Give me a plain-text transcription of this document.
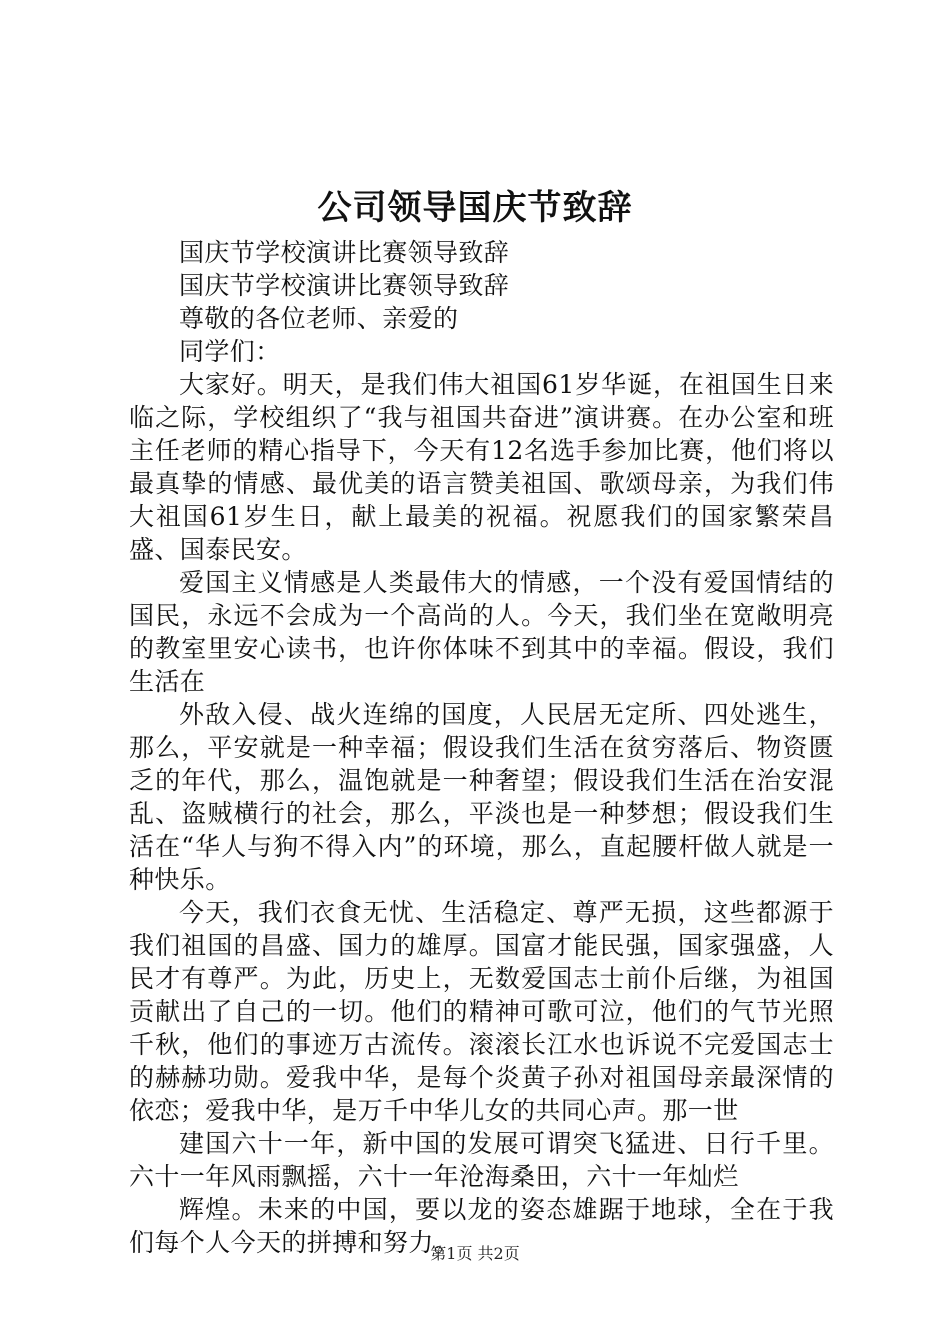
公司领导国庆节致辞

国庆节学校演讲比赛领导致辞

国庆节学校演讲比赛领导致辞

尊敬的各位老师、亲爱的

同学们：

大家好。明天，是我们伟大祖国61岁华诞，在祖国生日来临之际，学校组织了“我与祖国共奋进”演讲赛。在办公室和班主任老师的精心指导下，今天有12名选手参加比赛，他们将以最真挚的情感、最优美的语言赞美祖国、歌颂母亲，为我们伟大祖国61岁生日，献上最美的祝福。祝愿我们的国家繁荣昌盛、国泰民安。

爱国主义情感是人类最伟大的情感，一个没有爱国情结的国民，永远不会成为一个高尚的人。今天，我们坐在宽敞明亮的教室里安心读书，也许你体味不到其中的幸福。假设，我们生活在

外敌入侵、战火连绵的国度，人民居无定所、四处逃生，那么，平安就是一种幸福；假设我们生活在贫穷落后、物资匮乏的年代，那么，温饱就是一种奢望；假设我们生活在治安混乱、盗贼横行的社会，那么，平淡也是一种梦想；假设我们生活在“华人与狗不得入内”的环境，那么，直起腰杆做人就是一种快乐。

今天，我们衣食无忧、生活稳定、尊严无损，这些都源于我们祖国的昌盛、国力的雄厚。国富才能民强，国家强盛，人民才有尊严。为此，历史上，无数爱国志士前仆后继，为祖国贡献出了自己的一切。他们的精神可歌可泣，他们的气节光照千秋，他们的事迹万古流传。滚滚长江水也诉说不完爱国志士的赫赫功勋。爱我中华，是每个炎黄子孙对祖国母亲最深情的依恋；爱我中华，是万千中华儿女的共同心声。那一世

建国六十一年，新中国的发展可谓突飞猛进、日行千里。六十一年风雨飘摇，六十一年沧海桑田，六十一年灿烂

辉煌。未来的中国，要以龙的姿态雄踞于地球，全在于我们每个人今天的拼搏和努力。

第1页 共2页
